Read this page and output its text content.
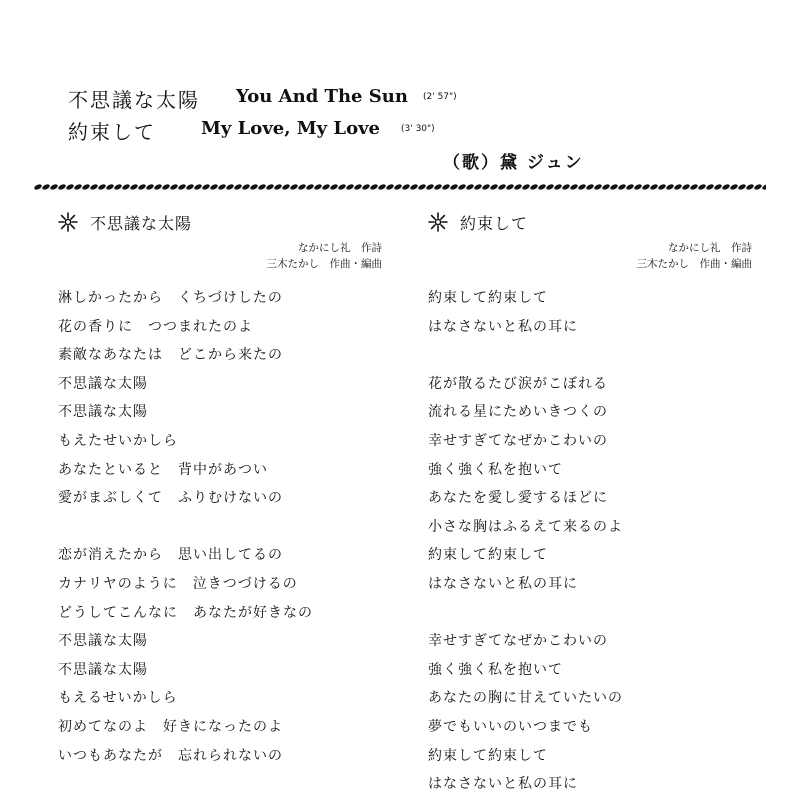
不思議な太陽 You And The Sun (2' 57")
約束して	My Love, My Love (3' 30")
（歌）黛 ジュン
不思議な太陽
なかにし礼　作詩
三木たかし　作曲・編曲
淋しかったから　くちづけしたの
花の香りに　つつまれたのよ
素敵なあなたは　どこから来たの
不思議な太陽
不思議な太陽
もえたせいかしら
あなたといると　背中があつい
愛がまぶしくて　ふりむけないの
恋が消えたから　思い出してるの
カナリヤのように　泣きつづけるの
どうしてこんなに　あなたが好きなの
不思議な太陽
不思議な太陽
もえるせいかしら
初めてなのよ　好きになったのよ
いつもあなたが　忘れられないの
約束して
なかにし礼　作詩
三木たかし　作曲・編曲
約束して約束して
はなさないと私の耳に
花が散るたび涙がこぼれる
流れる星にためいきつくの
幸せすぎてなぜかこわいの
強く強く私を抱いて
あなたを愛し愛するほどに
小さな胸はふるえて来るのよ
約束して約束して
はなさないと私の耳に
幸せすぎてなぜかこわいの
強く強く私を抱いて
あなたの胸に甘えていたいの
夢でもいいのいつまでも
約束して約束して
はなさないと私の耳に
